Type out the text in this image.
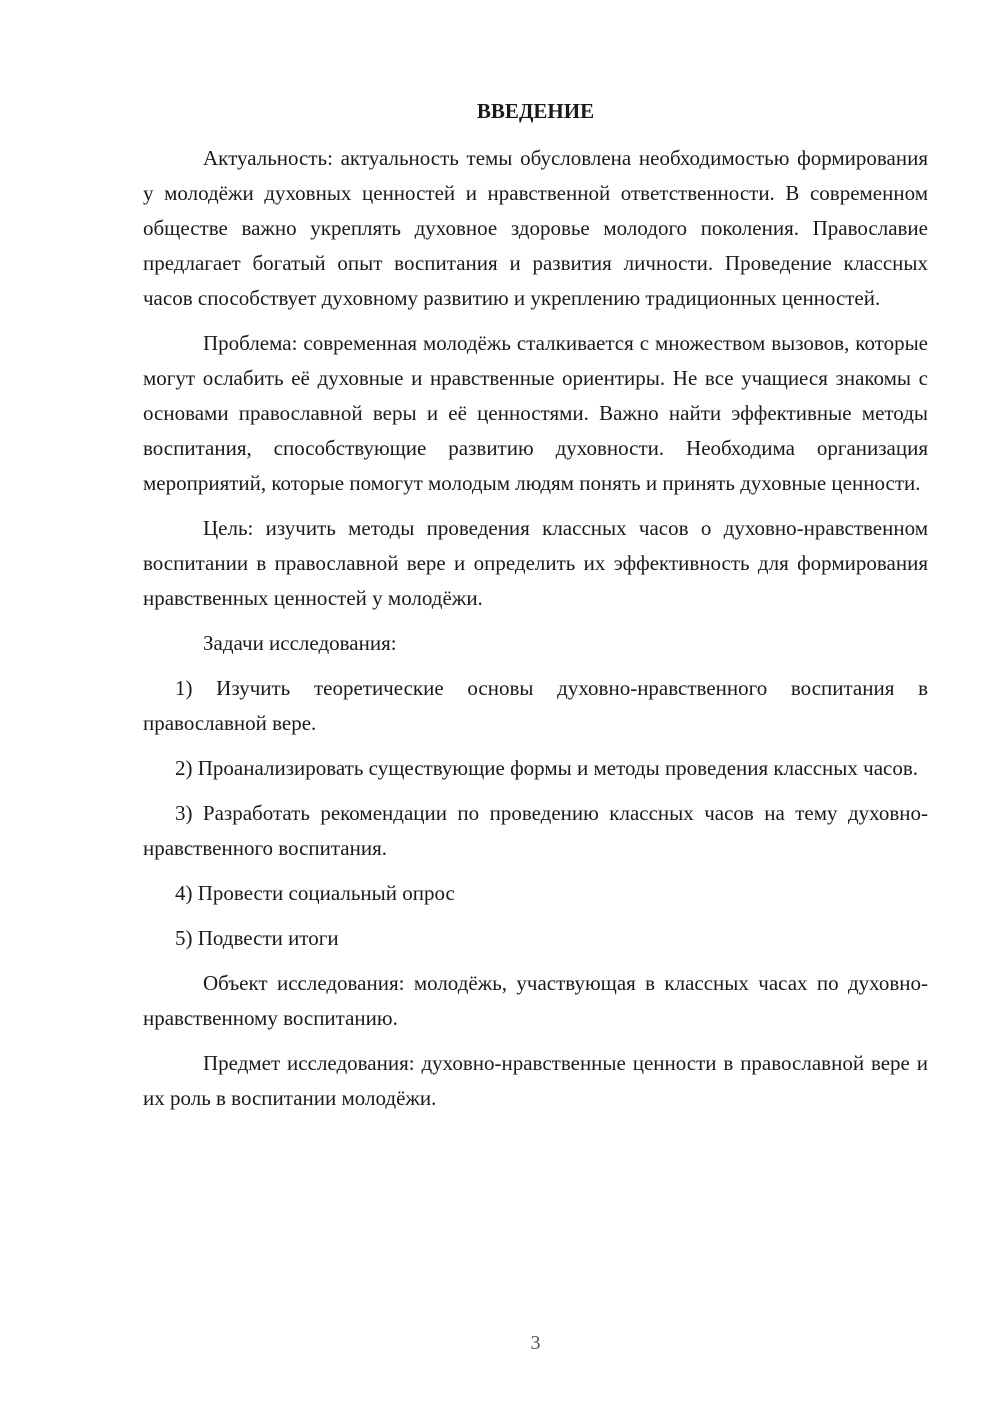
ВВЕДЕНИЕ

Актуальность: актуальность темы обусловлена необходимостью формирования у молодёжи духовных ценностей и нравственной ответственности. В современном обществе важно укреплять духовное здоровье молодого поколения. Православие предлагает богатый опыт воспитания и развития личности. Проведение классных часов способствует духовному развитию и укреплению традиционных ценностей.

Проблема: современная молодёжь сталкивается с множеством вызовов, которые могут ослабить её духовные и нравственные ориентиры. Не все учащиеся знакомы с основами православной веры и её ценностями. Важно найти эффективные методы воспитания, способствующие развитию духовности. Необходима организация мероприятий, которые помогут молодым людям понять и принять духовные ценности.

Цель: изучить методы проведения классных часов о духовно-нравственном воспитании в православной вере и определить их эффективность для формирования нравственных ценностей у молодёжи.

Задачи исследования:

1) Изучить теоретические основы духовно-нравственного воспитания в православной вере.

2) Проанализировать существующие формы и методы проведения классных часов.

3) Разработать рекомендации по проведению классных часов на тему духовно-нравственного воспитания.

4) Провести социальный опрос

5) Подвести итоги

Объект исследования: молодёжь, участвующая в классных часах по духовно-нравственному воспитанию.

Предмет исследования: духовно-нравственные ценности в православной вере и их роль в воспитании молодёжи.

3
